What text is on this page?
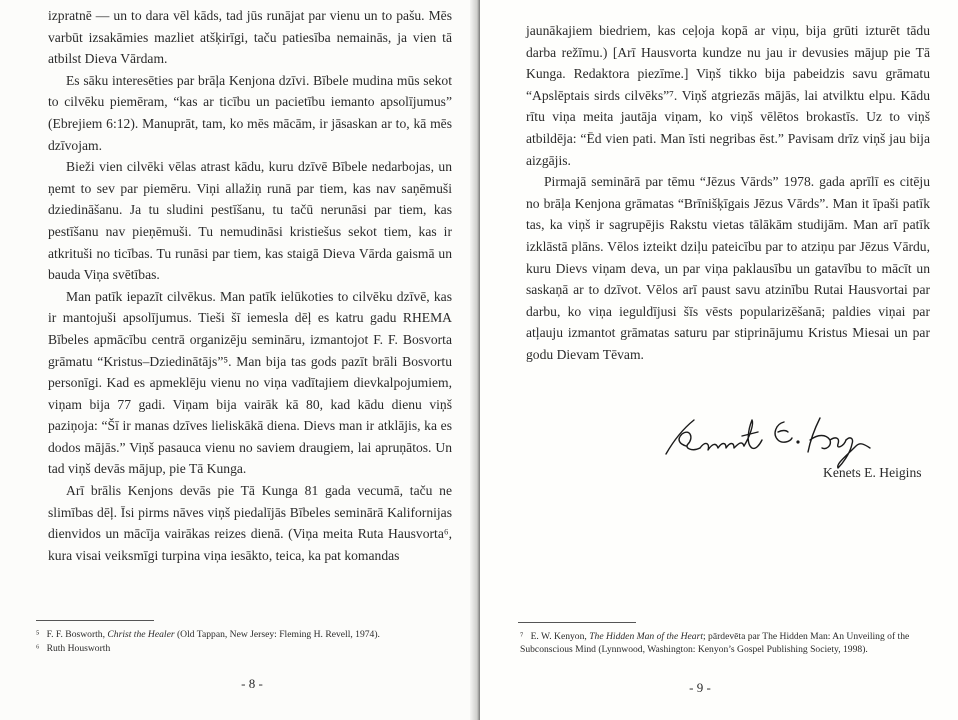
izpratnē — un to dara vēl kāds, tad jūs runājat par vienu un to pašu. Mēs varbūt izsakāmies mazliet atšķirīgi, taču patiesība nemainās, ja vien tā atbilst Dieva Vārdam.

Es sāku interesēties par brāļa Kenjona dzīvi. Bībele mudina mūs sekot to cilvēku piemēram, “kas ar ticību un pacietību iemanto apsolījumus” (Ebrejiem 6:12). Manuprāt, tam, ko mēs mācām, ir jāsaskan ar to, kā mēs dzīvojam.

Bieži vien cilvēki vēlas atrast kādu, kuru dzīvē Bībele nedarbojas, un ņemt to sev par piemēru. Viņi allažiņ runā par tiem, kas nav saņēmuši dziedināšanu. Ja tu sludini pestīšanu, tu tačū nerunāsi par tiem, kas pestīšanu nav pieņēmuši. Tu nemudināsi kristiešus sekot tiem, kas ir atkrituši no ticības. Tu runāsi par tiem, kas staigā Dieva Vārda gaismā un bauda Viņa svētības.

Man patīk iepazīt cilvēkus. Man patīk ielūkoties to cilvēku dzīvē, kas ir mantojuši apsolījumus. Tieši šī iemesla dēļ es katru gadu RHEMA Bībeles apmācību centrā organizēju semināru, izmantojot F. F. Bosvorta grāmatu “Kristus–Dziedinātājs”⁵. Man bija tas gods pazīt brāli Bosvortu personīgi. Kad es apmeklēju vienu no viņa vadītajiem dievkalpojumiem, viņam bija 77 gadi. Viņam bija vairāk kā 80, kad kādu dienu viņš paziņoja: “Šī ir manas dzīves lieliskākā diena. Dievs man ir atklājis, ka es dodos mājās.” Viņš pasauca vienu no saviem draugiem, lai apruņātos. Un tad viņš devās mājup, pie Tā Kunga.

Arī brālis Kenjons devās pie Tā Kunga 81 gada vecumā, taču ne slimības dēļ. Īsi pirms nāves viņš piedalījās Bībeles seminārā Kalifornijas dienvidos un mācīja vairākas reizes dienā. (Viņa meita Ruta Hausvorta⁶, kura visai veiksmīgi turpina viņa iesākto, teica, ka pat komandas

⁵ F. F. Bosworth, Christ the Healer (Old Tappan, New Jersey: Fleming H. Revell, 1974).
⁶ Ruth Housworth
- 8 -

jaunākajiem biedriem, kas ceļoja kopā ar viņu, bija grūti izturēt tādu darba režīmu.) [Arī Hausvorta kundze nu jau ir devusies mājup pie Tā Kunga. Redaktora piezīme.] Viņš tikko bija pabeidzis savu grāmatu “Apslēptais sirds cilvēks”⁷. Viņš atgriezās mājās, lai atvilktu elpu. Kādu rītu viņa meita jautāja viņam, ko viņš vēlētos brokastīs. Uz to viņš atbildēja: “Ēd vien pati. Man īsti negribas ēst.” Pavisam drīz viņš jau bija aizgājis.

Pirmajā seminārā par tēmu “Jēzus Vārds” 1978. gada aprīlī es citēju no brāļa Kenjona grāmatas “Brīnišķīgais Jēzus Vārds”. Man it īpaši patīk tas, ka viņš ir sagrupējis Rakstu vietas tālākām studijām. Man arī patīk izklāstā plāns. Vēlos izteikt dziļu pateicību par to atziņu par Jēzus Vārdu, kuru Dievs viņam deva, un par viņa paklausību un gatavību to mācīt un saskaņā ar to dzīvot. Vēlos arī paust savu atzinību Rutai Hausvortai par darbu, ko viņa ieguldījusi šīs vēsts popularizēšanā; paldies viņai par atļauju izmantot grāmatas saturu par stiprinājumu Kristus Miesai un par godu Dievam Tēvam.

Kenets E. Heigins
⁷ E. W. Kenyon, The Hidden Man of the Heart; pārdevēta par The Hidden Man: An Unveiling of the Subconscious Mind (Lynnwood, Washington: Kenyon’s Gospel Publishing Society, 1998).
- 9 -
